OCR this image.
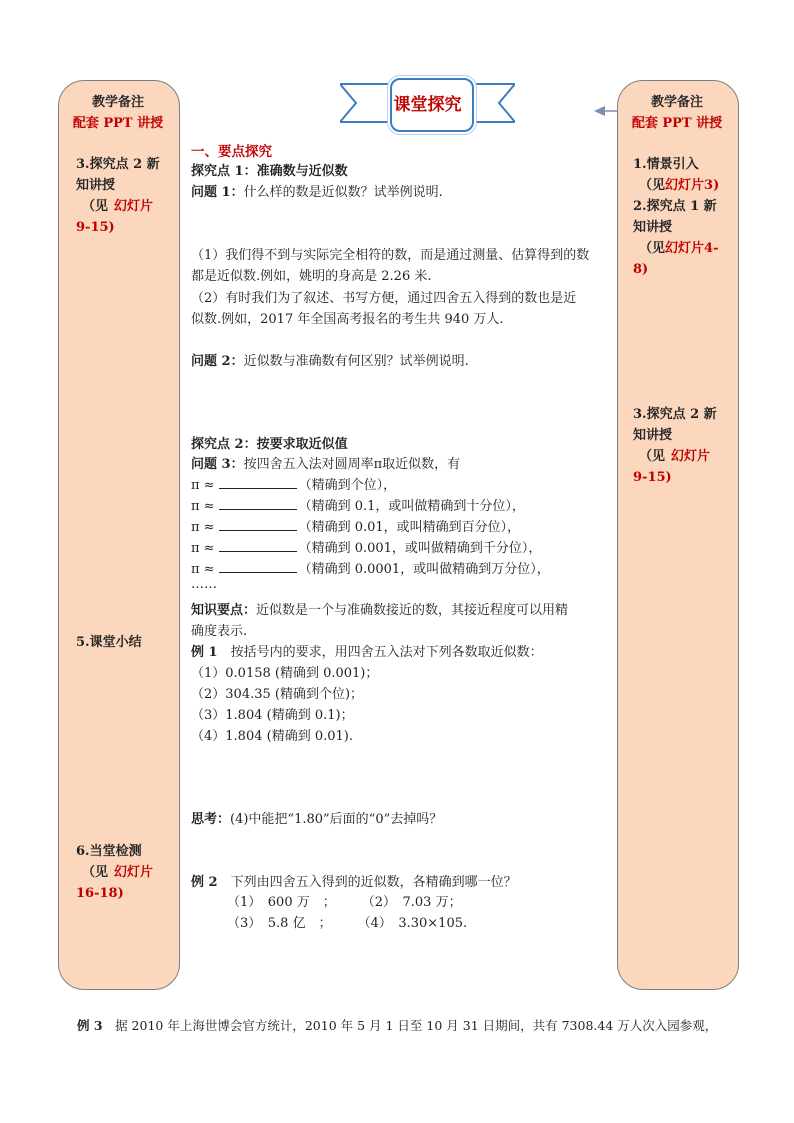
课堂探究
教学备注
配套 PPT 讲授
3.探究点 2 新知讲授
（见 幻灯片
9-15)
5.课堂小结
6.当堂检测
（见 幻灯片
16-18)
教学备注
配套 PPT 讲授
1.情景引入
（见幻灯片3)
2.探究点 1 新知讲授
（见幻灯片4-8)
3.探究点 2 新知讲授
（见 幻灯片
9-15)
一、要点探究
探究点 1：准确数与近似数
问题 1：什么样的数是近似数？试举例说明.
（1）我们得不到与实际完全相符的数，而是通过测量、估算得到的数
都是近似数.例如，姚明的身高是 2.26 米.
（2）有时我们为了叙述、书写方便，通过四舍五入得到的数也是近
似数.例如，2017 年全国高考报名的考生共 940 万人.
问题 2：近似数与准确数有何区别？试举例说明.
探究点 2：按要求取近似值
问题 3：按四舍五入法对圆周率π取近似数，有
π ≈	（精确到个位），
π ≈	（精确到 0.1，或叫做精确到十分位），
π ≈	（精确到 0.01，或叫精确到百分位），
π ≈	（精确到 0.001，或叫做精确到千分位），
π ≈	（精确到 0.0001，或叫做精确到万分位），
……
知识要点：近似数是一个与准确数接近的数，其接近程度可以用精
确度表示.
例 1　 按括号内的要求，用四舍五入法对下列各数取近似数：
（1）0.0158 (精确到 0.001)；
（2）304.35 (精确到个位)；
（3）1.804 (精确到 0.1)；
（4）1.804 (精确到 0.01).
思考：(4)中能把“1.80”后面的“0”去掉吗？
例 2　 下列由四舍五入得到的近似数，各精确到哪一位？
（1）　600 万　；　　　（2）　7.03 万；
（3）　5.8 亿　；　　　（4）　3.30×105.
例 3　 据 2010 年上海世博会官方统计，2010 年 5 月 1 日至 10 月 31 日期间，共有 7308.44 万人次入园参观，
